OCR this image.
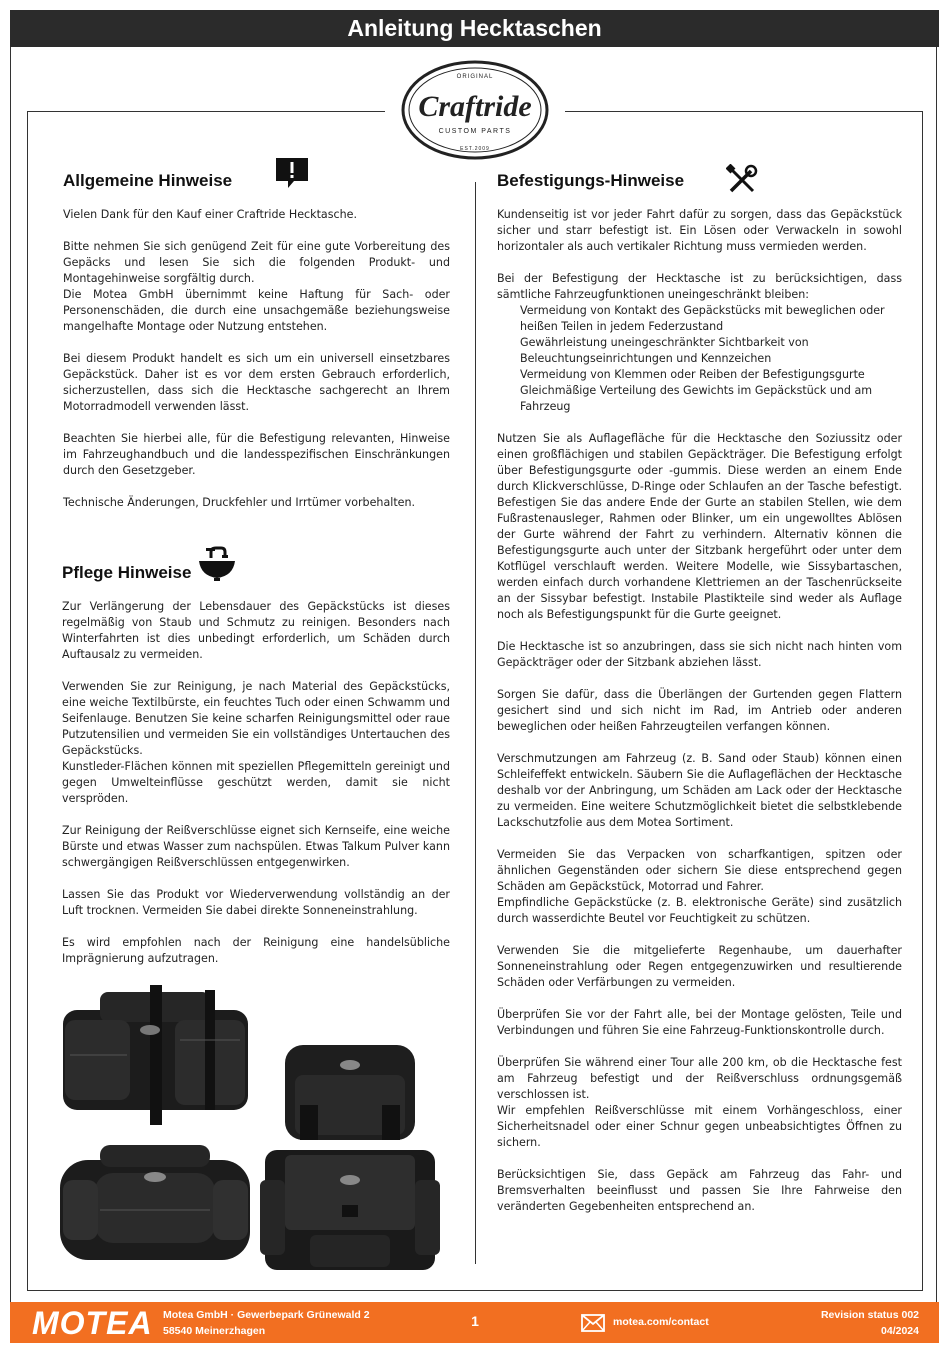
Anleitung Hecktaschen
ORIGINAL
Craftride
CUSTOM PARTS
EST.2009
Allgemeine Hinweise

Vielen Dank für den Kauf einer Craftride Hecktasche.

Bitte nehmen Sie sich genügend Zeit für eine gute Vorbereitung des Gepäcks und lesen Sie sich die folgenden Produkt- und Montagehinweise sorgfältig durch.

Die Motea GmbH übernimmt keine Haftung für Sach- oder Personenschäden, die durch eine unsachgemäße beziehungsweise mangelhafte Montage oder Nutzung entstehen.

Bei diesem Produkt handelt es sich um ein universell einsetzbares Gepäckstück. Daher ist es vor dem ersten Gebrauch erforderlich, sicherzustellen, dass sich die Hecktasche sachgerecht an Ihrem Motorradmodell verwenden lässt.

Beachten Sie hierbei alle, für die Befestigung relevanten, Hinweise im Fahrzeughandbuch und die landesspezifischen Einschränkungen durch den Gesetzgeber.

Technische Änderungen, Druckfehler und Irrtümer vorbehalten.

Pflege Hinweise

Zur Verlängerung der Lebensdauer des Gepäckstücks ist dieses regelmäßig von Staub und Schmutz zu reinigen. Besonders nach Winterfahrten ist dies unbedingt erforderlich, um Schäden durch Auftausalz zu vermeiden.

Verwenden Sie zur Reinigung, je nach Material des Gepäckstücks, eine weiche Textilbürste, ein feuchtes Tuch oder einen Schwamm und Seifenlauge. Benutzen Sie keine scharfen Reinigungsmittel oder raue Putzutensilien und vermeiden Sie ein vollständiges Untertauchen des Gepäckstücks.

Kunstleder-Flächen können mit speziellen Pflegemitteln gereinigt und gegen Umwelteinflüsse geschützt werden, damit sie nicht verspröden.

Zur Reinigung der Reißverschlüsse eignet sich Kernseife, eine weiche Bürste und etwas Wasser zum nachspülen. Etwas Talkum Pulver kann schwergängigen Reißverschlüssen entgegenwirken.

Lassen Sie das Produkt vor Wiederverwendung vollständig an der Luft trocknen. Vermeiden Sie dabei direkte Sonneneinstrahlung.

Es wird empfohlen nach der Reinigung eine handelsübliche Imprägnierung aufzutragen.

Befestigungs-Hinweise

Kundenseitig ist vor jeder Fahrt dafür zu sorgen, dass das Gepäckstück sicher und starr befestigt ist. Ein Lösen oder Verwackeln in sowohl horizontaler als auch vertikaler Richtung muss vermieden werden.

Bei der Befestigung der Hecktasche ist zu berücksichtigen, dass sämtliche Fahrzeugfunktionen uneingeschränkt bleiben:
Vermeidung von Kontakt des Gepäckstücks mit beweglichen oder heißen Teilen in jedem Federzustand
Gewährleistung uneingeschränkter Sichtbarkeit von Beleuchtungseinrichtungen und Kennzeichen
Vermeidung von Klemmen oder Reiben der Befestigungsgurte
Gleichmäßige Verteilung des Gewichts im Gepäckstück und am Fahrzeug

Nutzen Sie als Auflagefläche für die Hecktasche den Soziussitz oder einen großflächigen und stabilen Gepäckträger. Die Befestigung erfolgt über Befestigungsgurte oder -gummis. Diese werden an einem Ende durch Klickverschlüsse, D-Ringe oder Schlaufen an der Tasche befestigt. Befestigen Sie das andere Ende der Gurte an stabilen Stellen, wie dem Fußrastenausleger, Rahmen oder Blinker, um ein ungewolltes Ablösen der Gurte während der Fahrt zu verhindern. Alternativ können die Befestigungsgurte auch unter der Sitzbank hergeführt oder unter dem Kotflügel verschlauft werden. Weitere Modelle, wie Sissybartaschen, werden einfach durch vorhandene Klettriemen an der Taschenrückseite an der Sissybar befestigt. Instabile Plastikteile sind weder als Auflage noch als Befestigungspunkt für die Gurte geeignet.

Die Hecktasche ist so anzubringen, dass sie sich nicht nach hinten vom Gepäckträger oder der Sitzbank abziehen lässt.

Sorgen Sie dafür, dass die Überlängen der Gurtenden gegen Flattern gesichert sind und sich nicht im Rad, im Antrieb oder anderen beweglichen oder heißen Fahrzeugteilen verfangen können.

Verschmutzungen am Fahrzeug (z. B. Sand oder Staub) können einen Schleifeffekt entwickeln. Säubern Sie die Auflageflächen der Hecktasche deshalb vor der Anbringung, um Schäden am Lack oder der Hecktasche zu vermeiden. Eine weitere Schutzmöglichkeit bietet die selbstklebende Lackschutzfolie aus dem Motea Sortiment.

Vermeiden Sie das Verpacken von scharfkantigen, spitzen oder ähnlichen Gegenständen oder sichern Sie diese entsprechend gegen Schäden am Gepäckstück, Motorrad und Fahrer.

Empfindliche Gepäckstücke (z. B. elektronische Geräte) sind zusätzlich durch wasserdichte Beutel vor Feuchtigkeit zu schützen.

Verwenden Sie die mitgelieferte Regenhaube, um dauerhafter Sonneneinstrahlung oder Regen entgegenzuwirken und resultierende Schäden oder Verfärbungen zu vermeiden.

Überprüfen Sie vor der Fahrt alle, bei der Montage gelösten, Teile und Verbindungen und führen Sie eine Fahrzeug-Funktionskontrolle durch.

Überprüfen Sie während einer Tour alle 200 km, ob die Hecktasche fest am Fahrzeug befestigt und der Reißverschluss ordnungsgemäß verschlossen ist.

Wir empfehlen Reißverschlüsse mit einem Vorhängeschloss, einer Sicherheitsnadel oder einer Schnur gegen unbeabsichtigtes Öffnen zu sichern.

Berücksichtigen Sie, dass Gepäck am Fahrzeug das Fahr- und Bremsverhalten beeinflusst und passen Sie Ihre Fahrweise den veränderten Gegebenheiten entsprechend an.

MOTEA Motea GmbH · Gewerbepark Grünewald 2
58540 Meinerzhagen
1	motea.com/contact
Revision status 002
04/2024
